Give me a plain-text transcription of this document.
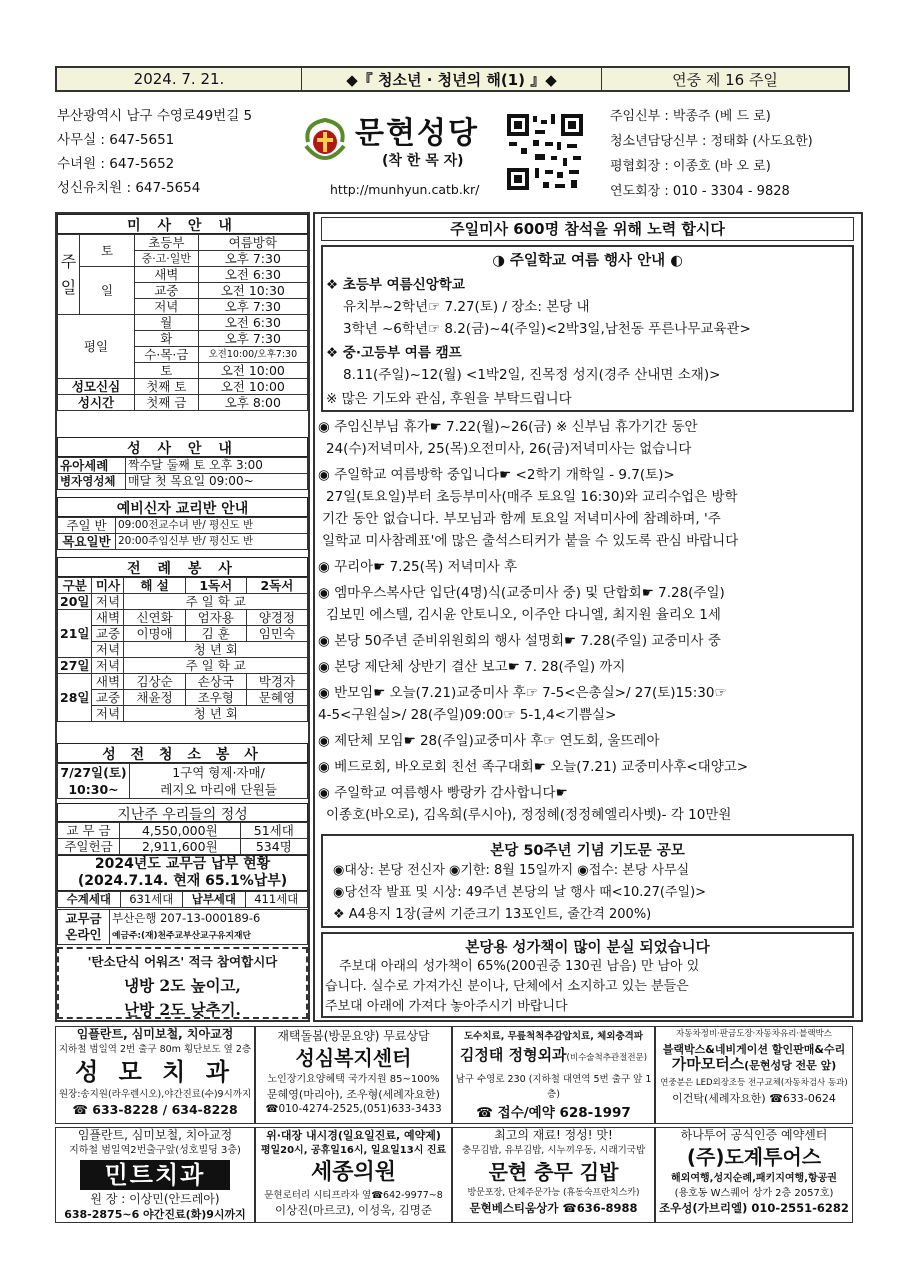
2024. 7. 21.	◆『 청소년 · 청년의 해(1) 』◆	연중 제 16 주일
부산광역시 남구 수영로49번길 5
사무실 : 647-5651
수녀원 : 647-5652
성신유치원 : 647-5654
문현성당
(착 한 목 자)
http://munhyun.catb.kr/
주임신부 : 박종주 (베 드 로)
청소년담당신부 : 정태화 (사도요한)
평협회장 : 이종호 (바 오 로)
연도회장 : 010 - 3304 - 9828
미 사 안 내
주
일	토	초등부	여름방학
		중·고·일반	오후 7:30
	일	새벽	오전 6:30
		교중	오전 10:30
		저녁	오후 7:30
평일		월	오전 6:30
		화	오후 7:30
		수·목·금	오전10:00/오후7:30
		토	오전 10:00
성모신심		첫째 토	오전 10:00
성시간		첫째 금	오후 8:00
성 사 안 내
유아세례	짝수달 둘째 토 오후 3:00
병자영성체	매달 첫 목요일 09:00~
예비신자 교리반 안내
주일 반	09:00전교수녀 반/ 평신도 반
목요일반	20:00주임신부 반/ 평신도 반
전 례 봉 사
구분	미사	해 설	1독서	2독서
20일	저녁	주 일 학 교		
21일	새벽	신연화	엄자용	양경정
	교중	이명애	김 훈	임민숙
	저녁	청 년 회		
27일	저녁	주 일 학 교		
28일	새벽	김상순	손상국	박경자
	교중	채윤정	조우형	문혜영
	저녁	청 년 회		
성 전 청 소 봉 사
7/27일(토)
10:30~	1구역 형제·자매/
레지오 마리애 단원들
지난주 우리들의 정성
교 무 금	4,550,000원	51세대
주일헌금	2,911,600원	534명
2024년도 교무금 납부 현황
(2024.7.14. 현재 65.1%납부)
수계세대	631세대	납부세대	411세대
교무금
온라인	부산은행 207-13-000189-6
예금주:(재)천주교부산교구유지재단
'탄소단식 어워즈' 적극 참여합시다
냉방 2도 높이고,
난방 2도 낮추기.
주일미사 600명 참석을 위해 노력 합시다
◑ 주일학교 여름 행사 안내 ◐
❖ 초등부 여름신앙학교
유치부~2학년☞ 7.27(토) / 장소: 본당 내
3학년 ~6학년☞ 8.2(금)~4(주일)<2박3일,남천동 푸른나무교육관>
❖ 중·고등부 여름 캠프
8.11(주일)~12(월) <1박2일, 진목정 성지(경주 산내면 소재)>
※ 많은 기도와 관심, 후원을 부탁드립니다
◉ 주임신부님 휴가☛ 7.22(월)~26(금) ※ 신부님 휴가기간 동안
24(수)저녁미사, 25(목)오전미사, 26(금)저녁미사는 없습니다
◉ 주일학교 여름방학 중입니다☛ <2학기 개학일 - 9.7(토)>
27일(토요일)부터 초등부미사(매주 토요일 16:30)와 교리수업은 방학
기간 동안 없습니다. 부모님과 함께 토요일 저녁미사에 참례하며, '주
일학교 미사참례표'에 많은 출석스티커가 붙을 수 있도록 관심 바랍니다
◉ 꾸리아☛ 7.25(목) 저녁미사 후
◉ 엠마우스복사단 입단(4명)식(교중미사 중) 및 단합회☛ 7.28(주일)
김보민 에스텔, 김시윤 안토니오, 이주안 다니엘, 최지원 율리오 1세
◉ 본당 50주년 준비위원회의 행사 설명회☛ 7.28(주일) 교중미사 중
◉ 본당 제단체 상반기 결산 보고☛ 7. 28(주일) 까지
◉ 반모임☛ 오늘(7.21)교중미사 후☞ 7-5<은총실>/ 27(토)15:30☞
4-5<구원실>/ 28(주일)09:00☞ 5-1,4<기쁨실>
◉ 제단체 모임☛ 28(주일)교중미사 후☞ 연도회, 울뜨레아
◉ 베드로회, 바오로회 친선 족구대회☛ 오늘(7.21) 교중미사후<대양고>
◉ 주일학교 여름행사 빵랑카 감사합니다☛
이종호(바오로), 김옥희(루시아), 정정혜(정정혜엘리사벳)- 각 10만원
본당 50주년 기념 기도문 공모
◉대상: 본당 전신자 ◉기한: 8월 15일까지 ◉접수: 본당 사무실
◉당선작 발표 및 시상: 49주년 본당의 날 행사 때<10.27(주일)>
❖ A4용지 1장(글씨 기준크기 13포인트, 줄간격 200%)
본당용 성가책이 많이 분실 되었습니다
주보대 아래의 성가책이 65%(200권중 130권 남음) 만 남아 있
습니다. 실수로 가져가신 분이나, 단체에서 소지하고 있는 분들은
주보대 아래에 가져다 놓아주시기 바랍니다
임플란트, 심미보철, 치아교정
지하철 범일역 2번 출구 80m 횡단보도 옆 2층
성 모 치 과
원장:송지원(라우렌시오),야간진료(수)9시까지
☎ 633-8228 / 634-8228
재택돌봄(방문요양) 무료상담
성심복지센터
노인장기요양혜택 국가지원 85~100%
문혜영(마리아), 조우형(세례자요한)
☎010-4274-2525,(051)633-3433
도수치료, 무릎척척추감압치료, 체외충격파
김정태 정형외과(비수술척추관절전문)
남구 수영로 230 (지하철 대연역 5번 출구 앞 1층)
☎ 접수/예약 628-1997
자동차정비·판금도장·자동차유리·블랙박스
블랙박스&네비게이션 할인판매&수리
가마모터스(문현성당 전문 앞)
연중분은 LED외장조등 전구교체(자동차검사 동과)
이건탁(세례자요한) ☎633-0624
임플란트, 심미보철, 치아교정
지하철 범일역2번출구앞(성호빌딩 3층)
민트치과
원 장 : 이상민(안드레아)
638-2875~6 야간진료(화)9시까지
위·대장 내시경(일요일진료, 예약제)
평일20시, 공휴일16시, 일요일13시 진료
세종의원
문현로터리 시티프라자 옆☎642-9977~8
이상진(마르코), 이성욱, 김명준
최고의 재료! 정성! 맛!
충무김밥, 유부김밥, 시누끼우동, 시래기국밥
문현 충무 김밥
방문포장, 단체주문가능 (휴동숙프란치스카)
문현베스티움상가 ☎636-8988
하나투어 공식인증 예약센터
(주)도계투어스
해외여행,성지순례,패키지여행,항공권
(용호동 W스퀘어 상가 2층 2057호)
조우성(가브리엘) 010-2551-6282
